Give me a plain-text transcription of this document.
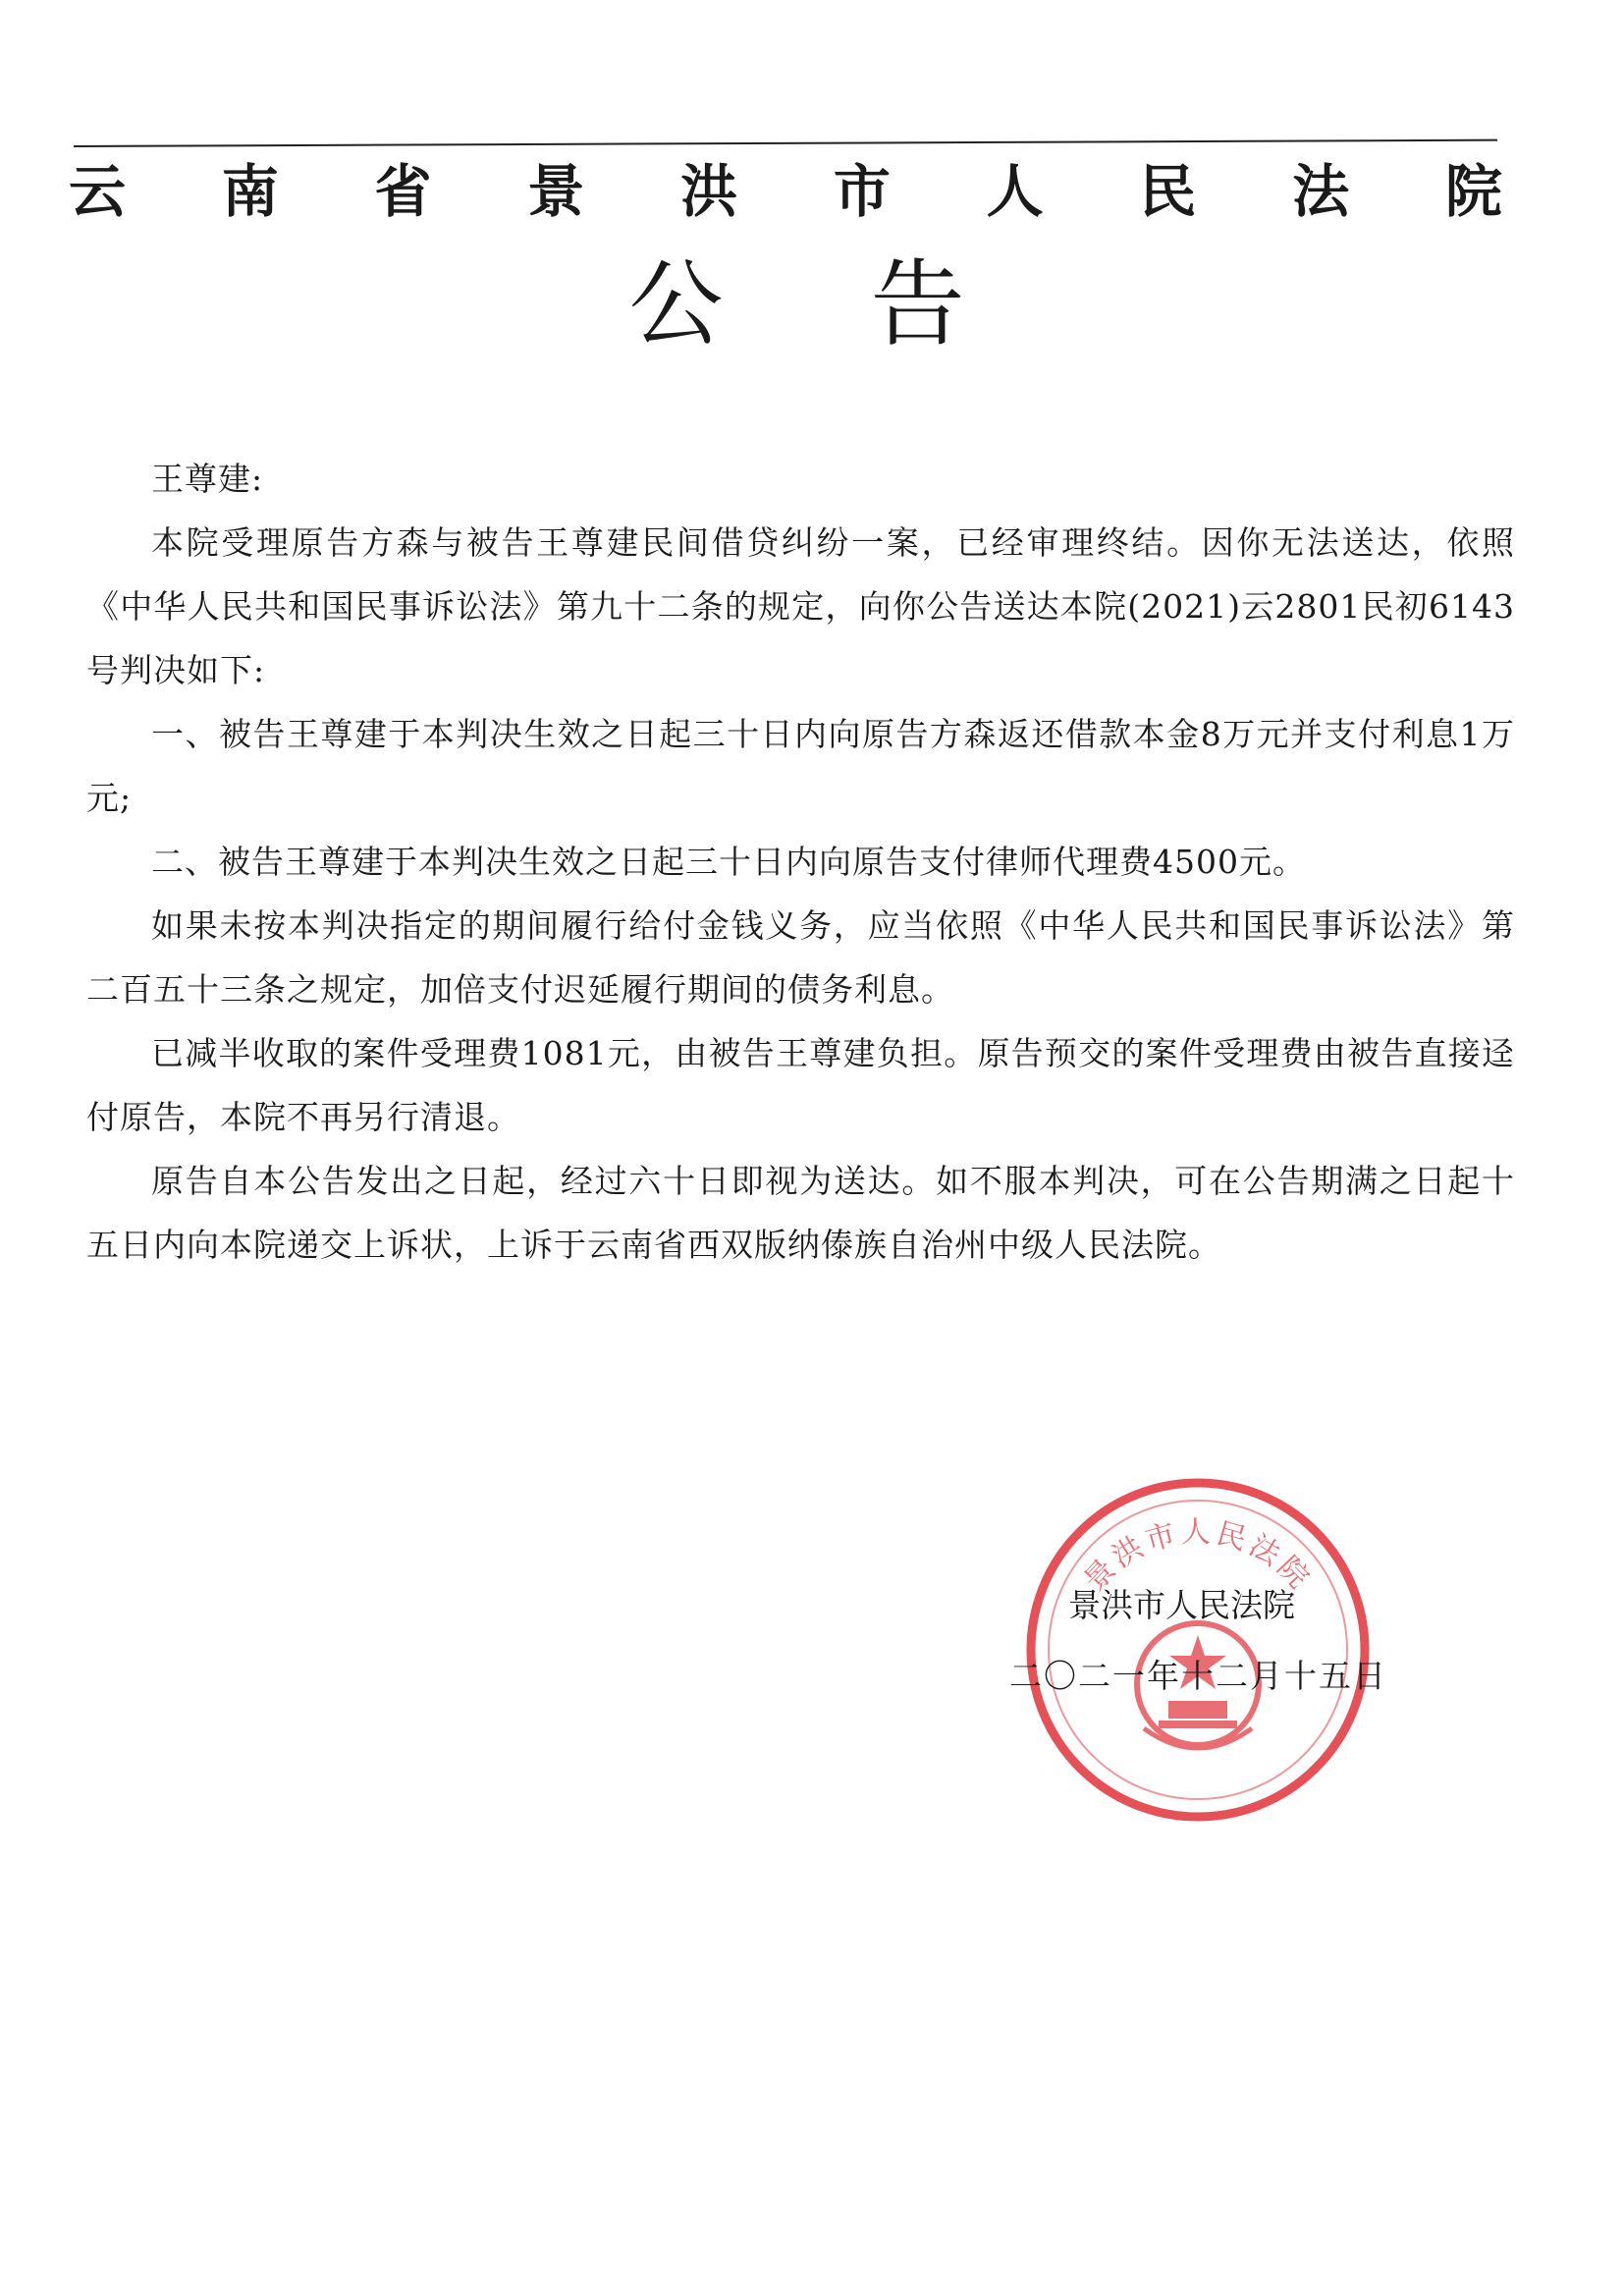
云 南 省 景 洪 市 人 民 法 院
公告

王尊建:

本院受理原告方森与被告王尊建民间借贷纠纷一案，已经审理终结。因你无法送达，依照《中华人民共和国民事诉讼法》第九十二条的规定，向你公告送达本院(2021)云2801民初6143号判决如下:

一、被告王尊建于本判决生效之日起三十日内向原告方森返还借款本金8万元并支付利息1万元;

二、被告王尊建于本判决生效之日起三十日内向原告支付律师代理费4500元。

如果未按本判决指定的期间履行给付金钱义务，应当依照《中华人民共和国民事诉讼法》第二百五十三条之规定，加倍支付迟延履行期间的债务利息。

已减半收取的案件受理费1081元，由被告王尊建负担。原告预交的案件受理费由被告直接迳付原告，本院不再另行清退。

原告自本公告发出之日起，经过六十日即视为送达。如不服本判决，可在公告期满之日起十五日内向本院递交上诉状，上诉于云南省西双版纳傣族自治州中级人民法院。

景洪市人民法院
景洪市人民法院
二〇二一年十二月十五日
